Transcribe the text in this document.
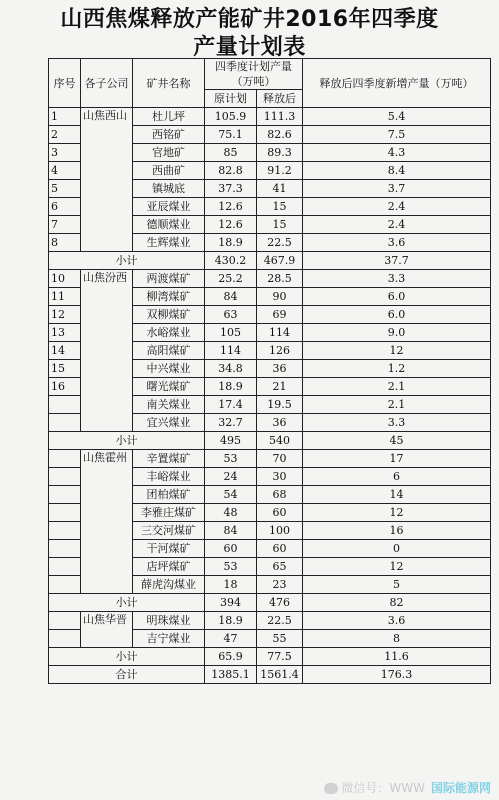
山西焦煤释放产能矿井2016年四季度
产量计划表
序号	各子公司	矿井名称	四季度计划产量（万吨）		释放后四季度新增产量（万吨）
			原计划	释放后	
1	山焦西山	杜儿坪	105.9	111.3	5.4
2		西铭矿	75.1	82.6	7.5
3		官地矿	85	89.3	4.3
4		西曲矿	82.8	91.2	8.4
5		镇城底	37.3	41	3.7
6		亚辰煤业	12.6	15	2.4
7		德顺煤业	12.6	15	2.4
8		生辉煤业	18.9	22.5	3.6
小计			430.2	467.9	37.7
10	山焦汾西	两渡煤矿	25.2	28.5	3.3
11		柳湾煤矿	84	90	6.0
12		双柳煤矿	63	69	6.0
13		水峪煤业	105	114	9.0
14		高阳煤矿	114	126	12
15		中兴煤业	34.8	36	1.2
16		曙光煤矿	18.9	21	2.1
		南关煤业	17.4	19.5	2.1
		宜兴煤业	32.7	36	3.3
小计			495	540	45
	山焦霍州	辛置煤矿	53	70	17
		丰峪煤业	24	30	6
		团柏煤矿	54	68	14
		李雅庄煤矿	48	60	12
		三交河煤矿	84	100	16
		干河煤矿	60	60	0
		店坪煤矿	53	65	12
		薛虎沟煤业	18	23	5
小计			394	476	82
	山焦华晋	明珠煤业	18.9	22.5	3.6
		吉宁煤业	47	55	8
小计			65.9	77.5	11.6
合计			1385.1	1561.4	176.3
微信号：WWW 国际能源网
